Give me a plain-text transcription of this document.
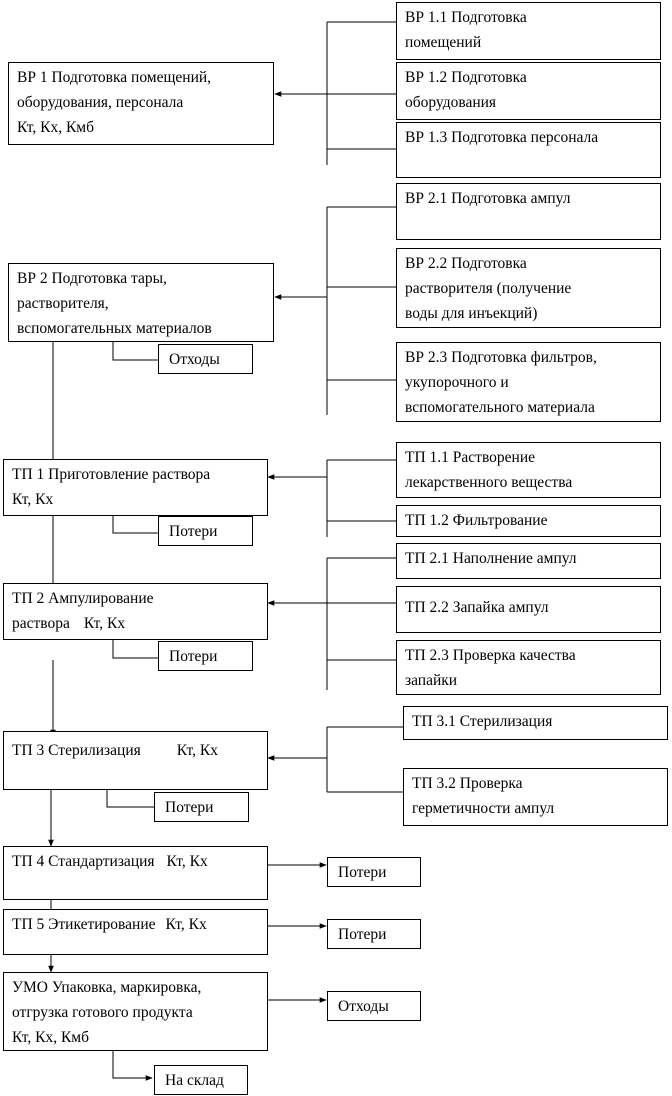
ВР 1 Подготовка помещений,
оборудования, персонала
Кт, Кх, Кмб
ВР 1.1 Подготовка
помещений
ВР 1.2 Подготовка
оборудования
ВР 1.3 Подготовка персонала
ВР 2 Подготовка тары,
растворителя,
вспомогательных материалов
ВР 2.1 Подготовка ампул
ВР 2.2 Подготовка
растворителя (получение
воды для инъекций)
ВР 2.3 Подготовка фильтров,
укупорочного и
вспомогательного материала
Отходы
ТП 1 Приготовление раствора
Кт, Кх
ТП 1.1 Растворение
лекарственного вещества
ТП 1.2 Фильтрование
Потери
ТП 2 Ампулирование
раствора Кт, Кх
ТП 2.1 Наполнение ампул
ТП 2.2 Запайка ампул
ТП 2.3 Проверка качества
запайки
Потери
ТП 3 Стерилизация Кт, Кх
ТП 3.1 Стерилизация
ТП 3.2 Проверка
герметичности ампул
Потери
ТП 4 Стандартизация Кт, Кх
Потери
ТП 5 Этикетирование Кт, Кх
Потери
УМО Упаковка, маркировка,
отгрузка готового продукта
Кт, Кх, Кмб
Отходы
На склад
